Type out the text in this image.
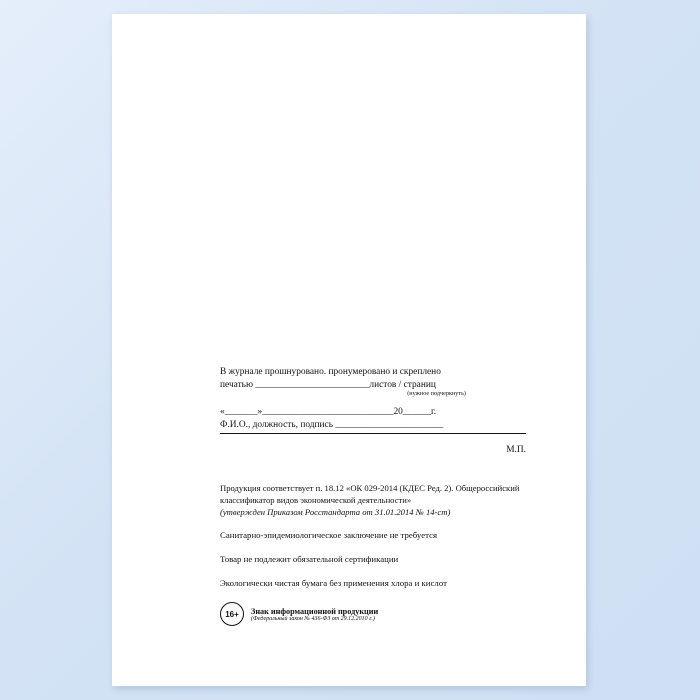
В журнале прошнуровано. пронумеровано и скреплено
печатью __________________________листов / страниц
(нужное подчеркнуть)
«_______»____________________________20______г.
Ф.И.О., должность, подпись _______________________
М.П.
Продукция соответствует п. 18.12 «ОК 029-2014 (КДЕС Ред. 2). Общероссийский классификатор видов экономической деятельности»
(утвержден Приказом Росстандарта от 31.01.2014 № 14-ст)
Санитарно-эпидемиологическое заключение не требуется
Товар не подлежит обязательной сертификации
Экологически чистая бумага без применения хлора и кислот
16+	Знак информационной продукции
(Федеральный закон № 436-ФЗ от 29.12.2010 г.)
